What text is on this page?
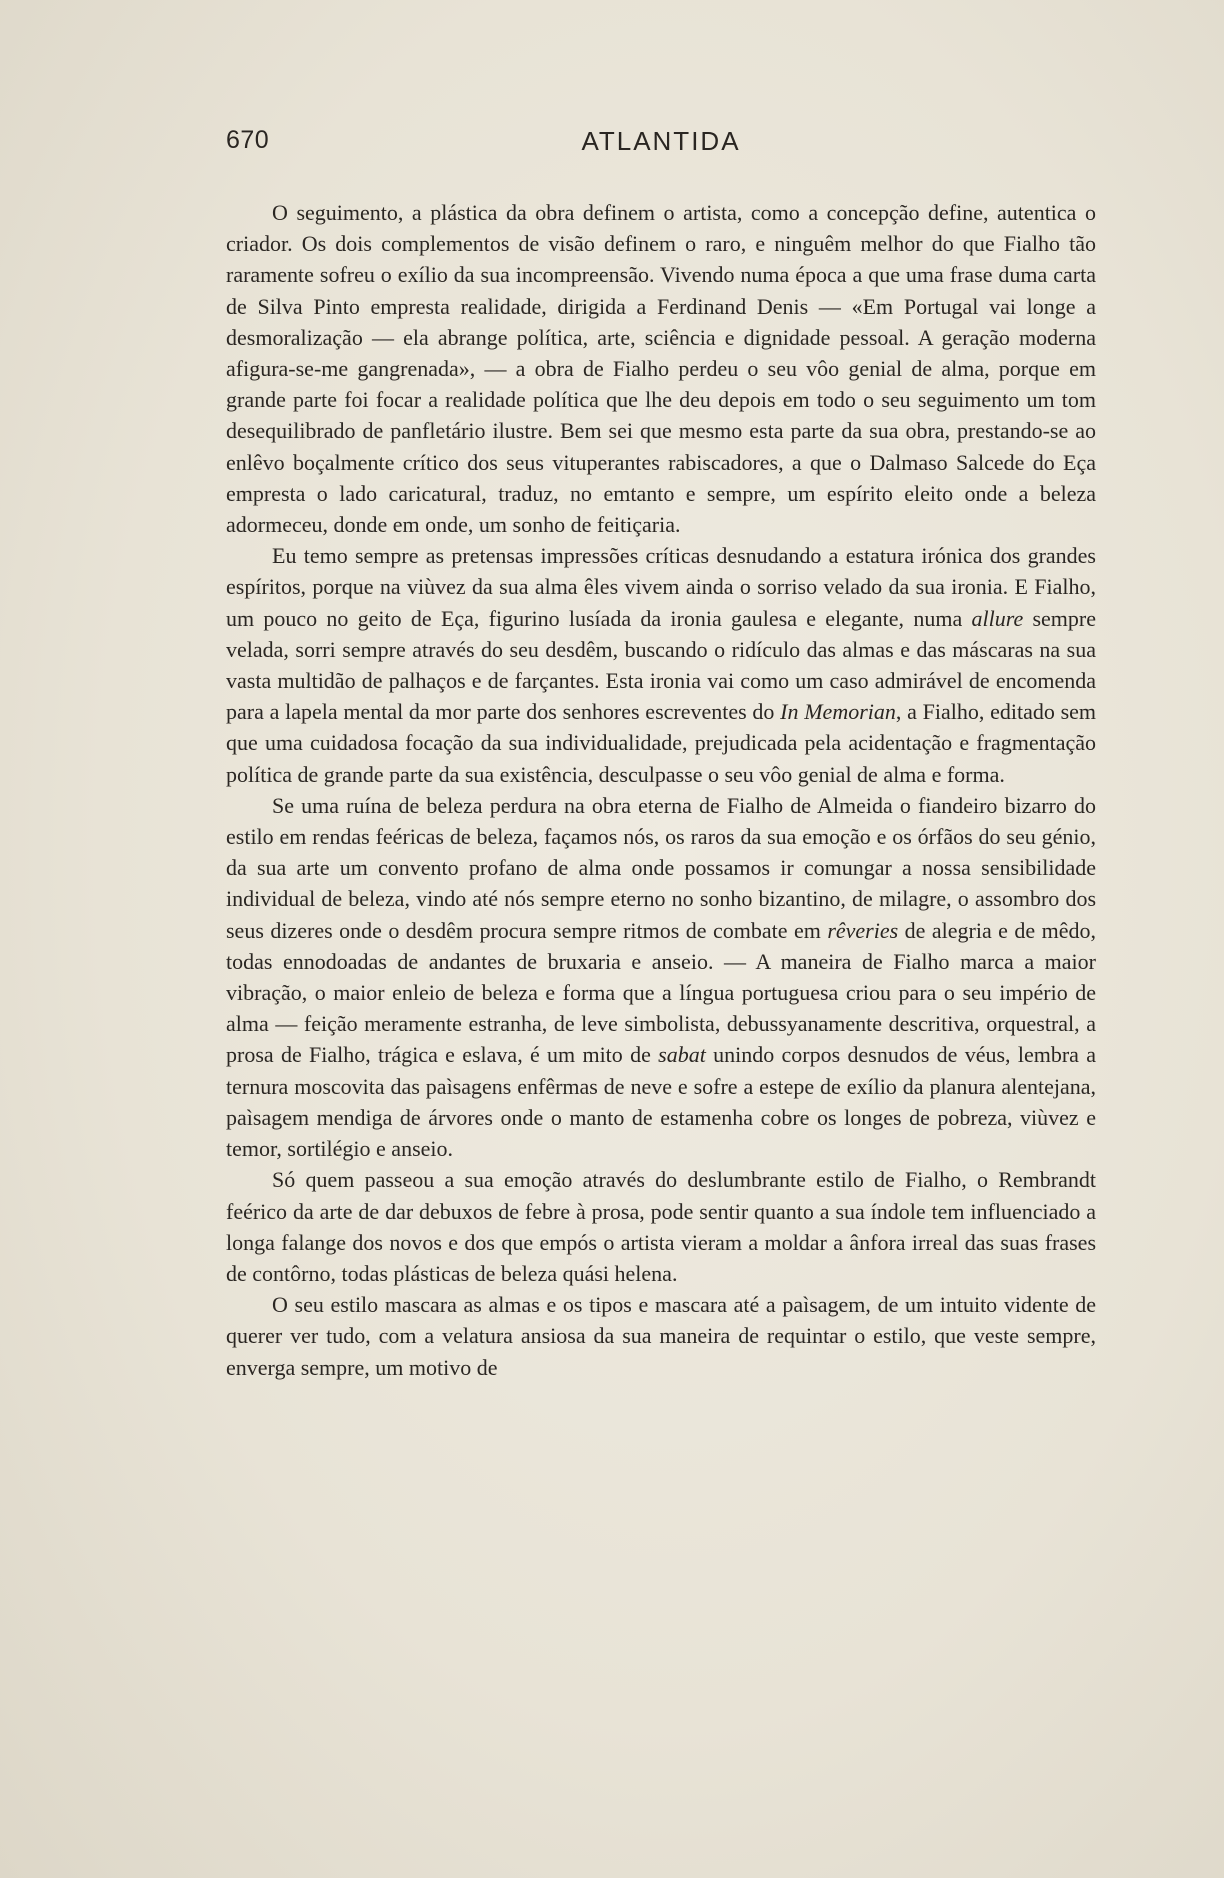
670	ATLANTIDA

O seguimento, a plástica da obra definem o artista, como a concepção define, autentica o criador. Os dois complementos de visão definem o raro, e ninguêm melhor do que Fialho tão raramente sofreu o exílio da sua incompreensão. Vivendo numa época a que uma frase duma carta de Silva Pinto empresta realidade, dirigida a Ferdinand Denis — «Em Portugal vai longe a desmoralização — ela abrange política, arte, sciência e dignidade pessoal. A geração moderna afigura-se-me gangrenada», — a obra de Fialho perdeu o seu vôo genial de alma, porque em grande parte foi focar a realidade política que lhe deu depois em todo o seu seguimento um tom desequilibrado de panfletário ilustre. Bem sei que mesmo esta parte da sua obra, prestando-se ao enlêvo boçalmente crítico dos seus vituperantes rabiscadores, a que o Dalmaso Salcede do Eça empresta o lado caricatural, traduz, no emtanto e sempre, um espírito eleito onde a beleza adormeceu, donde em onde, um sonho de feitiçaria.

Eu temo sempre as pretensas impressões críticas desnudando a estatura irónica dos grandes espíritos, porque na viùvez da sua alma êles vivem ainda o sorriso velado da sua ironia. E Fialho, um pouco no geito de Eça, figurino lusíada da ironia gaulesa e elegante, numa allure sempre velada, sorri sempre através do seu desdêm, buscando o ridículo das almas e das máscaras na sua vasta multidão de palhaços e de farçantes. Esta ironia vai como um caso admirável de encomenda para a lapela mental da mor parte dos senhores escreventes do In Memorian, a Fialho, editado sem que uma cuidadosa focação da sua individualidade, prejudicada pela acidentação e fragmentação política de grande parte da sua existência, desculpasse o seu vôo genial de alma e forma.

Se uma ruína de beleza perdura na obra eterna de Fialho de Almeida o fiandeiro bizarro do estilo em rendas feéricas de beleza, façamos nós, os raros da sua emoção e os órfãos do seu génio, da sua arte um convento profano de alma onde possamos ir comungar a nossa sensibilidade individual de beleza, vindo até nós sempre eterno no sonho bizantino, de milagre, o assombro dos seus dizeres onde o desdêm procura sempre ritmos de combate em rêveries de alegria e de mêdo, todas ennodoadas de andantes de bruxaria e anseio. — A maneira de Fialho marca a maior vibração, o maior enleio de beleza e forma que a língua portuguesa criou para o seu império de alma — feição meramente estranha, de leve simbolista, debussyanamente descritiva, orquestral, a prosa de Fialho, trágica e eslava, é um mito de sabat unindo corpos desnudos de véus, lembra a ternura moscovita das paìsagens enfêrmas de neve e sofre a estepe de exílio da planura alentejana, paìsagem mendiga de árvores onde o manto de estamenha cobre os longes de pobreza, viùvez e temor, sortilégio e anseio.

Só quem passeou a sua emoção através do deslumbrante estilo de Fialho, o Rembrandt feérico da arte de dar debuxos de febre à prosa, pode sentir quanto a sua índole tem influenciado a longa falange dos novos e dos que empós o artista vieram a moldar a ânfora irreal das suas frases de contôrno, todas plásticas de beleza quási helena.

O seu estilo mascara as almas e os tipos e mascara até a paìsagem, de um intuito vidente de querer ver tudo, com a velatura ansiosa da sua maneira de requintar o estilo, que veste sempre, enverga sempre, um motivo de
